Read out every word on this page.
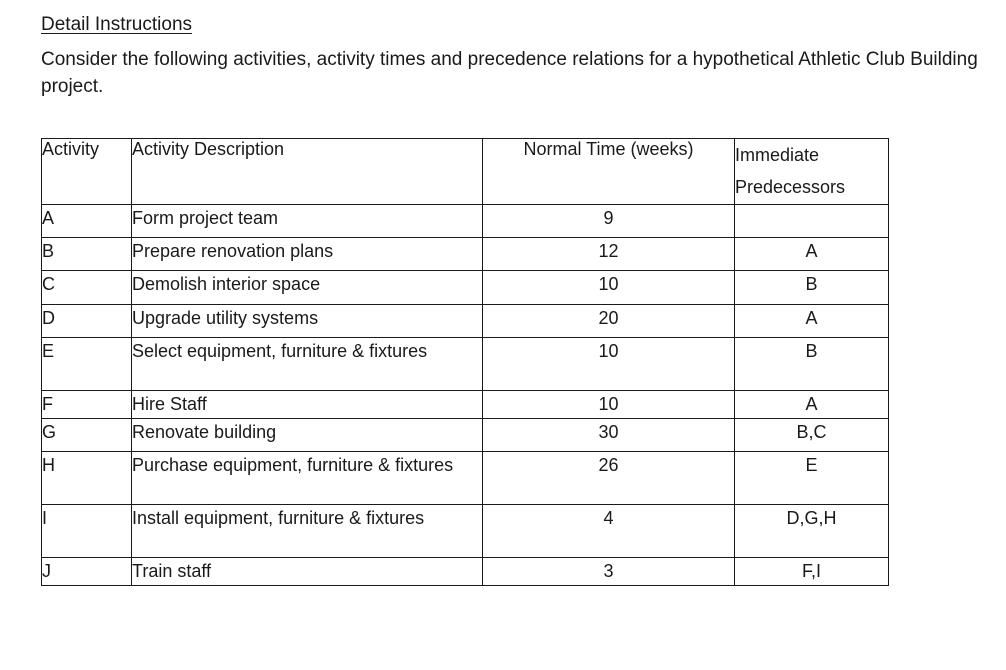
Detail Instructions

Consider the following activities, activity times and precedence relations for a hypothetical Athletic Club Building project.

Activity	Activity Description	Normal Time (weeks)	Immediate Predecessors
A	Form project team	9	
B	Prepare renovation plans	12	A
C	Demolish interior space	10	B
D	Upgrade utility systems	20	A
E	Select equipment, furniture & fixtures	10	B
F	Hire Staff	10	A
G	Renovate building	30	B,C
H	Purchase equipment, furniture & fixtures	26	E
I	Install equipment, furniture & fixtures	4	D,G,H
J	Train staff	3	F,I
